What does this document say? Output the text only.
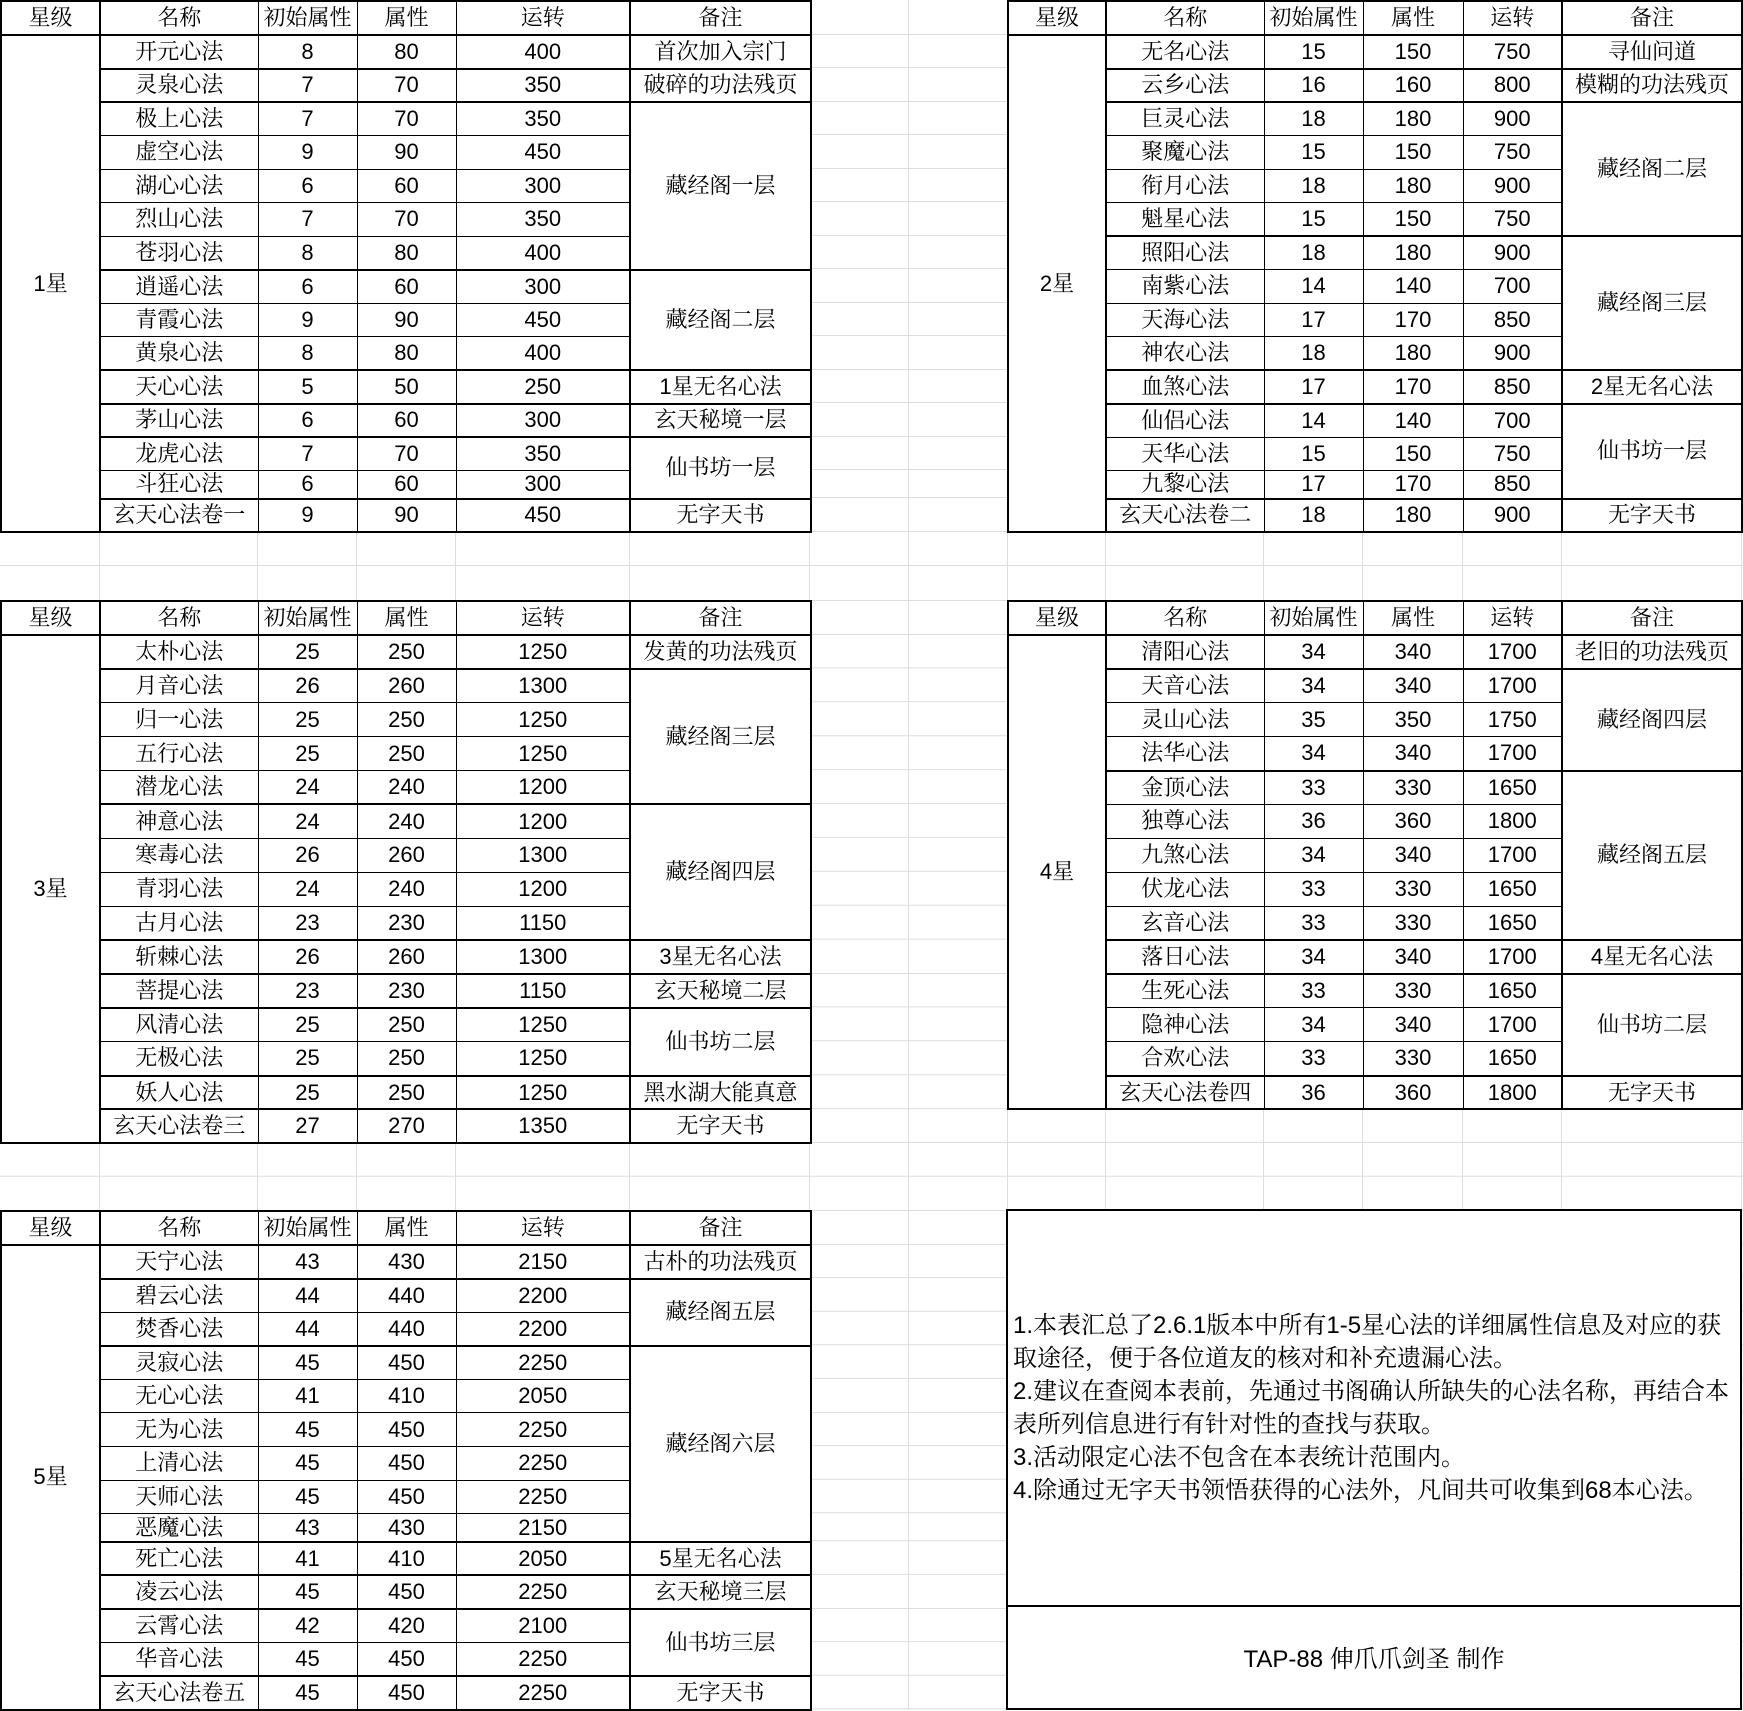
星级	名称	初始属性	属性	运转	备注
1星	开元心法	8	80	400	首次加入宗门
	灵泉心法	7	70	350	破碎的功法残页
	极上心法	7	70	350	藏经阁一层
	虚空心法	9	90	450	
	湖心心法	6	60	300	
	烈山心法	7	70	350	
	苍羽心法	8	80	400	
	逍遥心法	6	60	300	藏经阁二层
	青霞心法	9	90	450	
	黄泉心法	8	80	400	
	天心心法	5	50	250	1星无名心法
	茅山心法	6	60	300	玄天秘境一层
	龙虎心法	7	70	350	仙书坊一层
	斗狂心法	6	60	300	
	玄天心法卷一	9	90	450	无字天书
星级	名称	初始属性	属性	运转	备注
2星	无名心法	15	150	750	寻仙问道
	云乡心法	16	160	800	模糊的功法残页
	巨灵心法	18	180	900	藏经阁二层
	聚魔心法	15	150	750	
	衔月心法	18	180	900	
	魁星心法	15	150	750	
	照阳心法	18	180	900	藏经阁三层
	南紫心法	14	140	700	
	天海心法	17	170	850	
	神农心法	18	180	900	
	血煞心法	17	170	850	2星无名心法
	仙侣心法	14	140	700	仙书坊一层
	天华心法	15	150	750	
	九黎心法	17	170	850	
	玄天心法卷二	18	180	900	无字天书
星级	名称	初始属性	属性	运转	备注
3星	太朴心法	25	250	1250	发黄的功法残页
	月音心法	26	260	1300	藏经阁三层
	归一心法	25	250	1250	
	五行心法	25	250	1250	
	潜龙心法	24	240	1200	
	神意心法	24	240	1200	藏经阁四层
	寒毒心法	26	260	1300	
	青羽心法	24	240	1200	
	古月心法	23	230	1150	
	斩棘心法	26	260	1300	3星无名心法
	菩提心法	23	230	1150	玄天秘境二层
	风清心法	25	250	1250	仙书坊二层
	无极心法	25	250	1250	
	妖人心法	25	250	1250	黑水湖大能真意
	玄天心法卷三	27	270	1350	无字天书
星级	名称	初始属性	属性	运转	备注
4星	清阳心法	34	340	1700	老旧的功法残页
	天音心法	34	340	1700	藏经阁四层
	灵山心法	35	350	1750	
	法华心法	34	340	1700	
	金顶心法	33	330	1650	藏经阁五层
	独尊心法	36	360	1800	
	九煞心法	34	340	1700	
	伏龙心法	33	330	1650	
	玄音心法	33	330	1650	
	落日心法	34	340	1700	4星无名心法
	生死心法	33	330	1650	仙书坊二层
	隐神心法	34	340	1700	
	合欢心法	33	330	1650	
	玄天心法卷四	36	360	1800	无字天书
星级	名称	初始属性	属性	运转	备注
5星	天宁心法	43	430	2150	古朴的功法残页
	碧云心法	44	440	2200	藏经阁五层
	焚香心法	44	440	2200	
	灵寂心法	45	450	2250	藏经阁六层
	无心心法	41	410	2050	
	无为心法	45	450	2250	
	上清心法	45	450	2250	
	天师心法	45	450	2250	
	恶魔心法	43	430	2150	
	死亡心法	41	410	2050	5星无名心法
	凌云心法	45	450	2250	玄天秘境三层
	云霄心法	42	420	2100	仙书坊三层
	华音心法	45	450	2250	
	玄天心法卷五	45	450	2250	无字天书

1.本表汇总了2.6.1版本中所有1-5星心法的详细属性信息及对应的获取途径，便于各位道友的核对和补充遗漏心法。

2.建议在查阅本表前，先通过书阁确认所缺失的心法名称，再结合本表所列信息进行有针对性的查找与获取。

3.活动限定心法不包含在本表统计范围内。

4.除通过无字天书领悟获得的心法外，凡间共可收集到68本心法。

TAP-88 伸爪爪剑圣 制作
